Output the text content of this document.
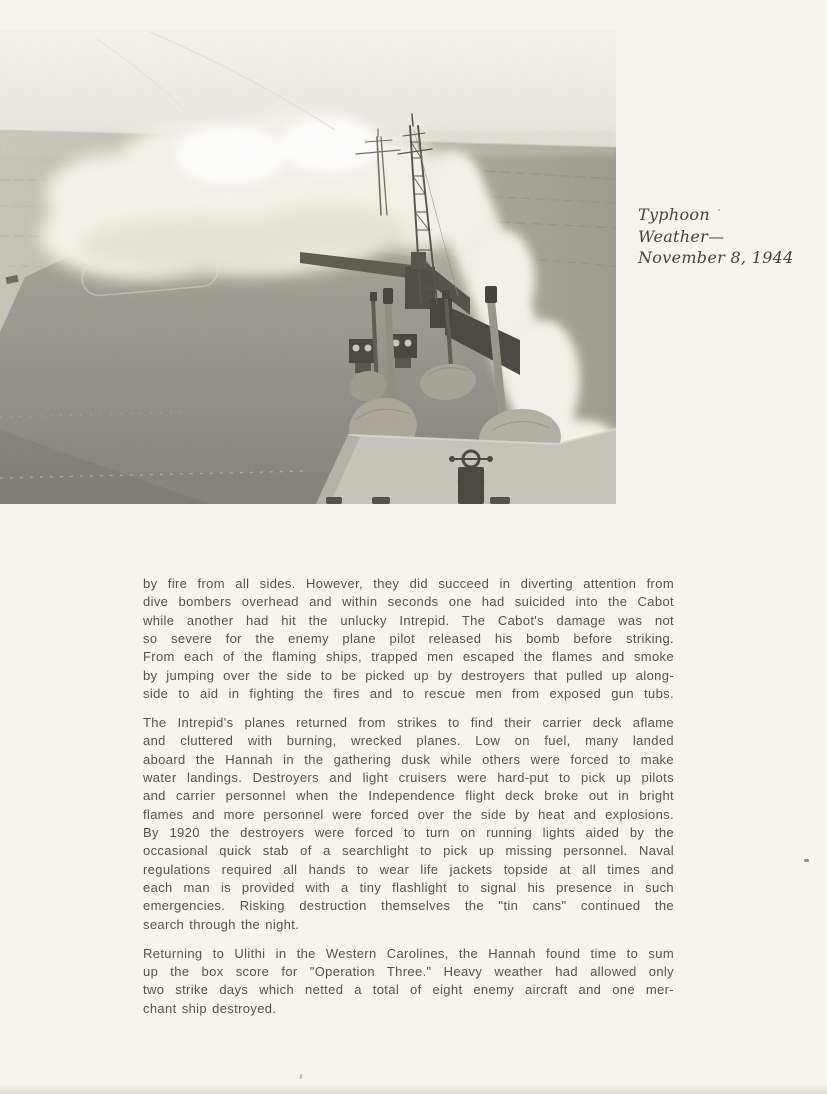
Typhoon
Weather—
November 8, 1944
by fire from all sides. However, they did succeed in diverting attention from
dive bombers overhead and within seconds one had suicided into the Cabot
while another had hit the unlucky Intrepid. The Cabot's damage was not
so severe for the enemy plane pilot released his bomb before striking.
From each of the flaming ships, trapped men escaped the flames and smoke
by jumping over the side to be picked up by destroyers that pulled up along-
side to aid in fighting the fires and to rescue men from exposed gun tubs.
The Intrepid's planes returned from strikes to find their carrier deck aflame
and cluttered with burning, wrecked planes. Low on fuel, many landed
aboard the Hannah in the gathering dusk while others were forced to make
water landings. Destroyers and light cruisers were hard-put to pick up pilots
and carrier personnel when the Independence flight deck broke out in bright
flames and more personnel were forced over the side by heat and explosions.
By 1920 the destroyers were forced to turn on running lights aided by the
occasional quick stab of a searchlight to pick up missing personnel. Naval
regulations required all hands to wear life jackets topside at all times and
each man is provided with a tiny flashlight to signal his presence in such
emergencies. Risking destruction themselves the "tin cans" continued the
search through the night.
Returning to Ulithi in the Western Carolines, the Hannah found time to sum
up the box score for "Operation Three." Heavy weather had allowed only
two strike days which netted a total of eight enemy aircraft and one mer-
chant ship destroyed.
